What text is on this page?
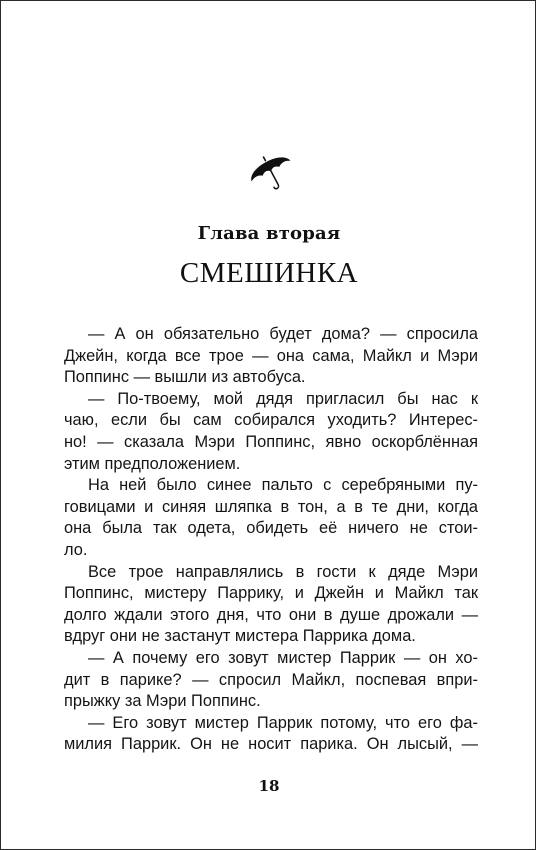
Глава вторая
СМЕШИНКА
— А он обязательно будет дома? — спросила
Джейн, когда все трое — она сама, Майкл и Мэри
Поппинс — вышли из автобуса.
— По-твоему, мой дядя пригласил бы нас к
чаю, если бы сам собирался уходить? Интерес-
но! — сказала Мэри Поппинс, явно оскорблённая
этим предположением.
На ней было синее пальто с серебряными пу-
говицами и синяя шляпка в тон, а в те дни, когда
она была так одета, обидеть её ничего не стои-
ло.
Все трое направлялись в гости к дяде Мэри
Поппинс, мистеру Паррику, и Джейн и Майкл так
долго ждали этого дня, что они в душе дрожали —
вдруг они не застанут мистера Паррика дома.
— А почему его зовут мистер Паррик — он хо-
дит в парике? — спросил Майкл, поспевая впри-
прыжку за Мэри Поппинс.
— Его зовут мистер Паррик потому, что его фа-
милия Паррик. Он не носит парика. Он лысый, —
18
